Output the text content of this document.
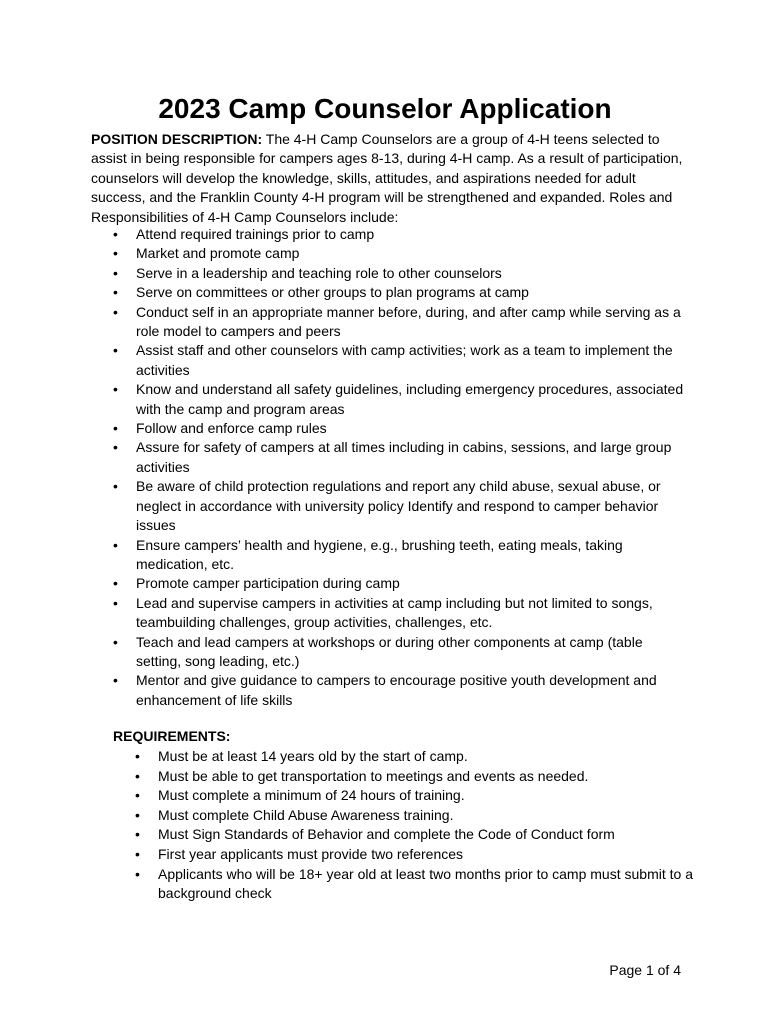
2023 Camp Counselor Application

POSITION DESCRIPTION: The 4-H Camp Counselors are a group of 4-H teens selected to assist in being responsible for campers ages 8-13, during 4-H camp. As a result of participation, counselors will develop the knowledge, skills, attitudes, and aspirations needed for adult success, and the Franklin County 4-H program will be strengthened and expanded. Roles and Responsibilities of 4-H Camp Counselors include:

• Attend required trainings prior to camp
• Market and promote camp
• Serve in a leadership and teaching role to other counselors
• Serve on committees or other groups to plan programs at camp
• Conduct self in an appropriate manner before, during, and after camp while serving as a role model to campers and peers
• Assist staff and other counselors with camp activities; work as a team to implement the activities
• Know and understand all safety guidelines, including emergency procedures, associated with the camp and program areas
• Follow and enforce camp rules
• Assure for safety of campers at all times including in cabins, sessions, and large group activities
• Be aware of child protection regulations and report any child abuse, sexual abuse, or neglect in accordance with university policy Identify and respond to camper behavior issues
• Ensure campers’ health and hygiene, e.g., brushing teeth, eating meals, taking medication, etc.
• Promote camper participation during camp
• Lead and supervise campers in activities at camp including but not limited to songs, teambuilding challenges, group activities, challenges, etc.
• Teach and lead campers at workshops or during other components at camp (table setting, song leading, etc.)
• Mentor and give guidance to campers to encourage positive youth development and enhancement of life skills

REQUIREMENTS:

• Must be at least 14 years old by the start of camp.
• Must be able to get transportation to meetings and events as needed.
• Must complete a minimum of 24 hours of training.
• Must complete Child Abuse Awareness training.
• Must Sign Standards of Behavior and complete the Code of Conduct form
• First year applicants must provide two references
• Applicants who will be 18+ year old at least two months prior to camp must submit to a background check
Page 1 of 4
